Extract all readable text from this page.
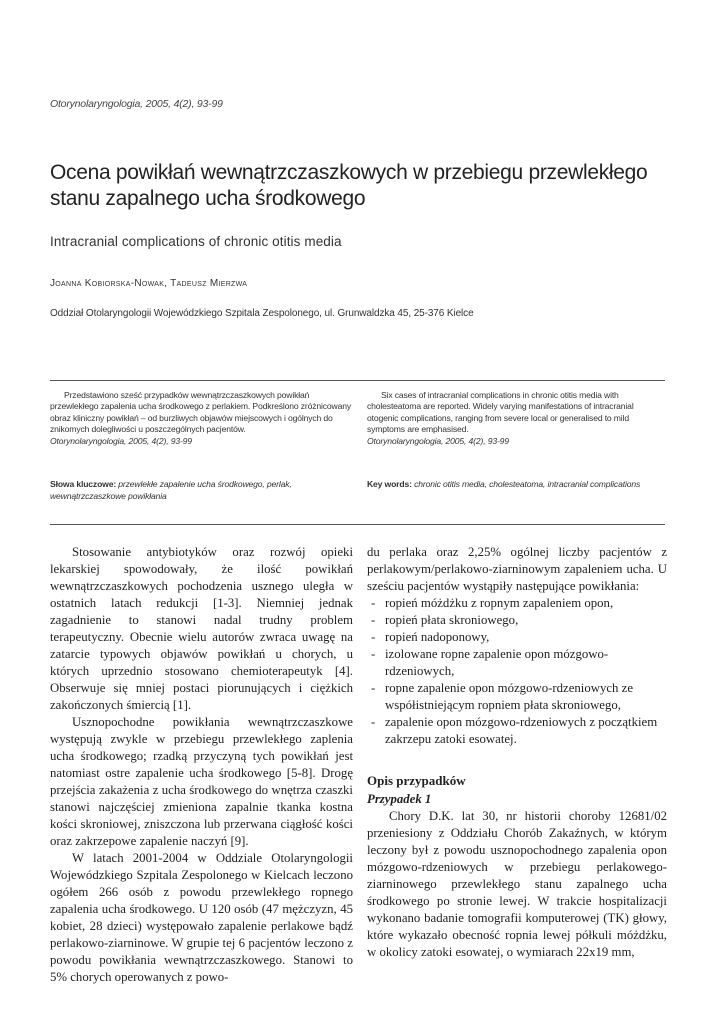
Otorynolaryngologia, 2005, 4(2), 93-99
Ocena powikłań wewnątrzczaszkowych w przebiegu przewlekłego stanu zapalnego ucha środkowego
Intracranial complications of chronic otitis media
Joanna Kobiorska-Nowak, Tadeusz Mierzwa
Oddział Otolaryngologii Wojewódzkiego Szpitala Zespolonego, ul. Grunwaldzka 45, 25-376 Kielce
Przedstawiono sześć przypadków wewnątrzczaszkowych powikłań przewlekłego zapalenia ucha środkowego z perlakiem. Podkreślono zróżnicowany obraz kliniczny powikłań – od burzliwych objawów miejscowych i ogólnych do znikomych dolegliwości u poszczególnych pacjentów.
Otorynolaryngologia, 2005, 4(2), 93-99
Six cases of intracranial complications in chronic otitis media with cholesteatoma are reported. Widely varying manifestations of intracranial otogenic complications, ranging from severe local or generalised to mild symptoms are emphasised.
Otorynolaryngologia, 2005, 4(2), 93-99
Słowa kluczowe: przewlekłe zapalenie ucha środkowego, perlak, wewnątrzczaszkowe powikłania
Key words: chronic otitis media, cholesteatoma, intracranial complications

Stosowanie antybiotyków oraz rozwój opieki lekarskiej spowodowały, że ilość powikłań wewnątrzczaszkowych pochodzenia usznego uległa w ostatnich latach redukcji [1-3]. Niemniej jednak zagadnienie to stanowi nadal trudny problem terapeutyczny. Obecnie wielu autorów zwraca uwagę na zatarcie typowych objawów powikłań u chorych, u których uprzednio stosowano chemioterapeutyk [4]. Obserwuje się mniej postaci piorunujących i ciężkich zakończonych śmiercią [1].

Usznopochodne powikłania wewnątrzczaszkowe występują zwykle w przebiegu przewlekłego zaplenia ucha środkowego; rzadką przyczyną tych powikłań jest natomiast ostre zapalenie ucha środkowego [5-8]. Drogę przejścia zakażenia z ucha środkowego do wnętrza czaszki stanowi najczęściej zmieniona zapalnie tkanka kostna kości skroniowej, zniszczona lub przerwana ciągłość kości oraz zakrzepowe zapalenie naczyń [9].

W latach 2001-2004 w Oddziale Otolaryngologii Wojewódzkiego Szpitala Zespolonego w Kielcach leczono ogółem 266 osób z powodu przewlekłego ropnego zapalenia ucha środkowego. U 120 osób (47 mężczyzn, 45 kobiet, 28 dzieci) występowało zapalenie perlakowe bądź perlakowo-ziarninowe. W grupie tej 6 pacjentów leczono z powodu powikłania wewnątrzczaszkowego. Stanowi to 5% chorych operowanych z powo-

du perlaka oraz 2,25% ogólnej liczby pacjentów z perlakowym/perlakowo-ziarninowym zapaleniem ucha. U sześciu pacjentów wystąpiły następujące powikłania:

- ropień móżdżku z ropnym zapaleniem opon,
- ropień płata skroniowego,
- ropień nadoponowy,
- izolowane ropne zapalenie opon mózgowo-rdzeniowych,
- ropne zapalenie opon mózgowo-rdzeniowych ze współistniejącym ropniem płata skroniowego,
- zapalenie opon mózgowo-rdzeniowych z początkiem zakrzepu zatoki esowatej.
Opis przypadków
Przypadek 1

Chory D.K. lat 30, nr historii choroby 12681/02 przeniesiony z Oddziału Chorób Zakaźnych, w którym leczony był z powodu usznopochodnego zapalenia opon mózgowo-rdzeniowych w przebiegu perlakowego-ziarninowego przewlekłego stanu zapalnego ucha środkowego po stronie lewej. W trakcie hospitalizacji wykonano badanie tomografii komputerowej (TK) głowy, które wykazało obecność ropnia lewej półkuli móżdżku, w okolicy zatoki esowatej, o wymiarach 22x19 mm,
